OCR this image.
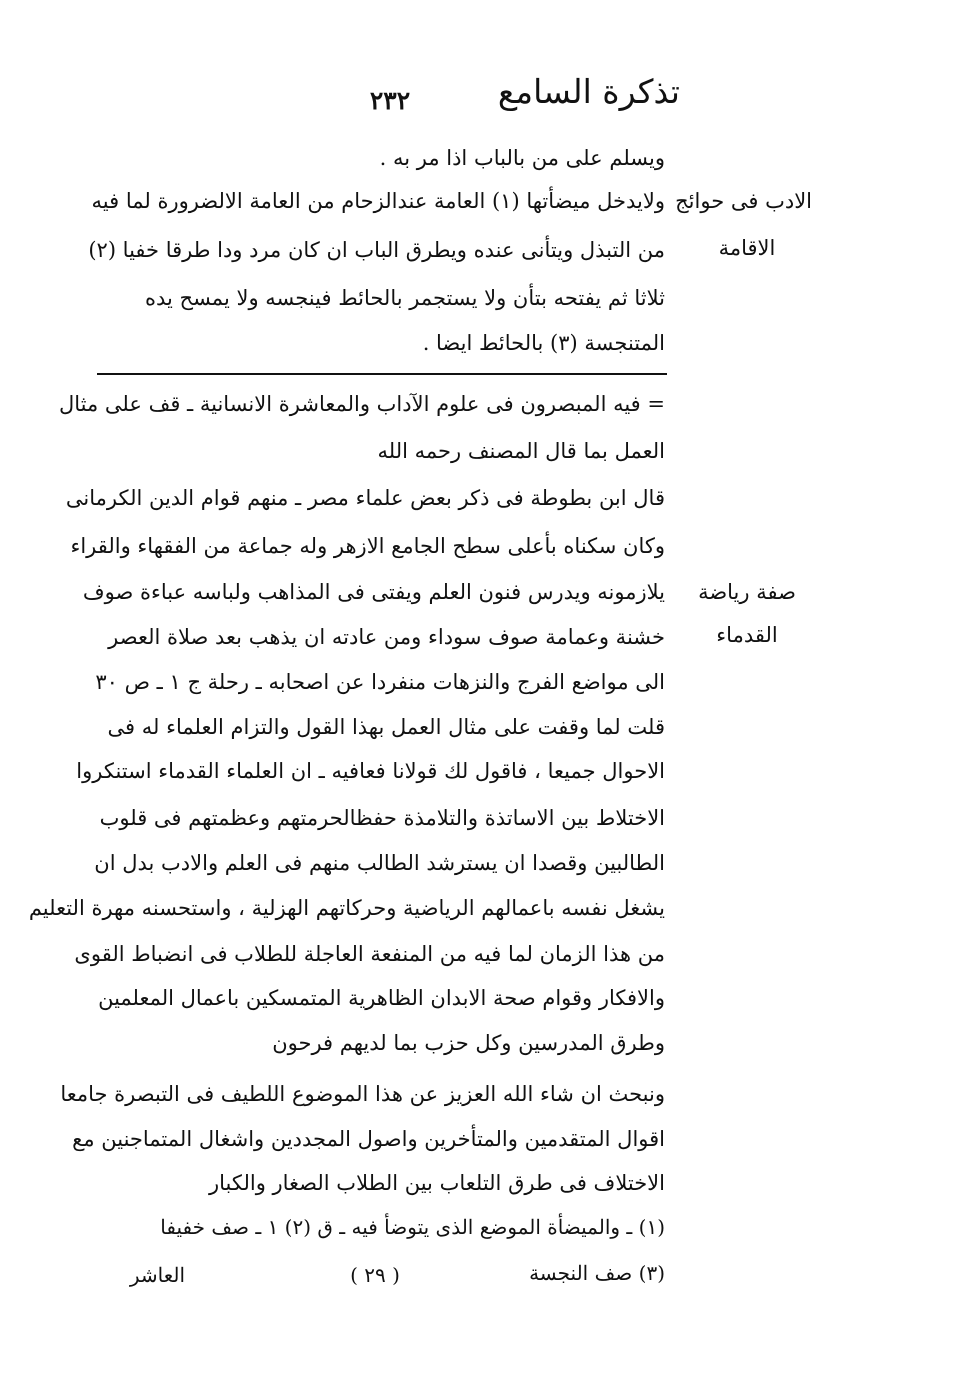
تذكرة السامع
٢٣٢
ويسلم على من بالباب اذا مر به .
ولايدخل ميضأتها (١) العامة عندالزحام من العامة الالضرورة لما فيه
من التبذل ويتأنى عنده ويطرق الباب ان كان مرد ودا طرقا خفيا (٢)
ثلاثا ثم يفتحه بتأن ولا يستجمر بالحائط فينجسه ولا يمسح يده
المتنجسة (٣) بالحائط ايضا .
الادب فى حوائج
الاقامة
= فيه المبصرون فى علوم الآداب والمعاشرة الانسانية ـ قف على مثال
العمل بما قال المصنف رحمه الله
قال ابن بطوطة فى ذكر بعض علماء مصر ـ منهم قوام الدين الكرمانى
وكان سكناه بأعلى سطح الجامع الازهر وله جماعة من الفقهاء والقراء
يلازمونه ويدرس فنون العلم ويفتى فى المذاهب ولباسه عباءة صوف
خشنة وعمامة صوف سوداء ومن عادته ان يذهب بعد صلاة العصر
الى مواضع الفرج والنزهات منفردا عن اصحابه ـ رحلة ج ١ ـ ص ٣٠
قلت لما وقفت على مثال العمل بهذا القول والتزام العلماء له فى
الاحوال جميعا ، فاقول لك قولانا فعافيه ـ ان العلماء القدماء استنكروا
الاختلاط بين الاساتذة والتلامذة حفظالحرمتهم وعظمتهم فى قلوب
الطالبين وقصدا ان يسترشد الطالب منهم فى العلم والادب بدل ان
يشغل نفسه باعمالهم الرياضية وحركاتهم الهزلية ، واستحسنه مهرة التعليم
من هذا الزمان لما فيه من المنفعة العاجلة للطلاب فى انضباط القوى
والافكار وقوام صحة الابدان الظاهرية المتمسكين باعمال المعلمين
وطرق المدرسين وكل حزب بما لديهم فرحون
ونبحث ان شاء الله العزيز عن هذا الموضوع اللطيف فى التبصرة جامعا
اقوال المتقدمين والمتأخرين واصول المجددين واشغال المتماجنين مع
الاختلاف فى طرق التلعاب بين الطلاب الصغار والكبار
صفة رياضة
القدماء
(١) ـ والميضأة الموضع الذى يتوضأ فيه ـ ق (٢) ١ ـ صف خفيفا
(٣) صف النجسة
( ٢٩ )
العاشر
